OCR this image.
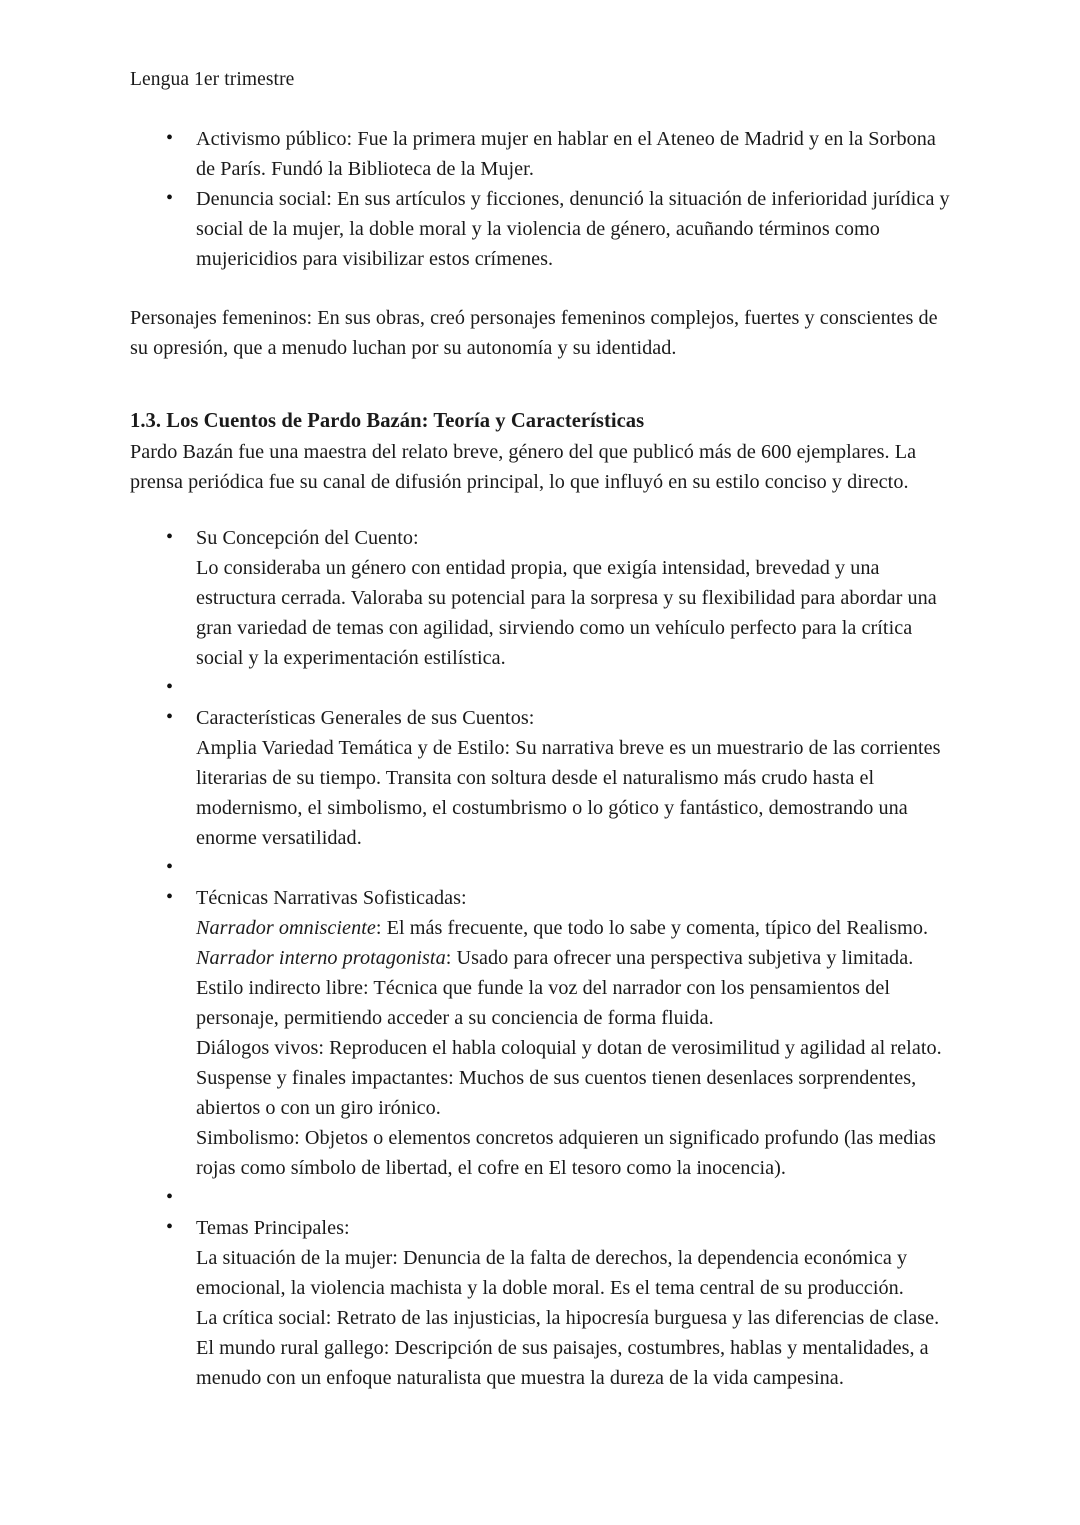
Lengua 1er trimestre
• Activismo público: Fue la primera mujer en hablar en el Ateneo de Madrid y en la Sorbona de París. Fundó la Biblioteca de la Mujer.
• Denuncia social: En sus artículos y ficciones, denunció la situación de inferioridad jurídica y social de la mujer, la doble moral y la violencia de género, acuñando términos como mujericidios para visibilizar estos crímenes.

Personajes femeninos: En sus obras, creó personajes femeninos complejos, fuertes y conscientes de su opresión, que a menudo luchan por su autonomía y su identidad.

1.3. Los Cuentos de Pardo Bazán: Teoría y Características

Pardo Bazán fue una maestra del relato breve, género del que publicó más de 600 ejemplares. La prensa periódica fue su canal de difusión principal, lo que influyó en su estilo conciso y directo.

• Su Concepción del Cuento:
Lo consideraba un género con entidad propia, que exigía intensidad, brevedad y una estructura cerrada. Valoraba su potencial para la sorpresa y su flexibilidad para abordar una gran variedad de temas con agilidad, sirviendo como un vehículo perfecto para la crítica social y la experimentación estilística.
•
• Características Generales de sus Cuentos:
Amplia Variedad Temática y de Estilo: Su narrativa breve es un muestrario de las corrientes literarias de su tiempo. Transita con soltura desde el naturalismo más crudo hasta el modernismo, el simbolismo, el costumbrismo o lo gótico y fantástico, demostrando una enorme versatilidad.
•
• Técnicas Narrativas Sofisticadas:
Narrador omnisciente: El más frecuente, que todo lo sabe y comenta, típico del Realismo.
Narrador interno protagonista: Usado para ofrecer una perspectiva subjetiva y limitada.
Estilo indirecto libre: Técnica que funde la voz del narrador con los pensamientos del personaje, permitiendo acceder a su conciencia de forma fluida.
Diálogos vivos: Reproducen el habla coloquial y dotan de verosimilitud y agilidad al relato.
Suspense y finales impactantes: Muchos de sus cuentos tienen desenlaces sorprendentes, abiertos o con un giro irónico.
Simbolismo: Objetos o elementos concretos adquieren un significado profundo (las medias rojas como símbolo de libertad, el cofre en El tesoro como la inocencia).
•
• Temas Principales:
La situación de la mujer: Denuncia de la falta de derechos, la dependencia económica y emocional, la violencia machista y la doble moral. Es el tema central de su producción.
La crítica social: Retrato de las injusticias, la hipocresía burguesa y las diferencias de clase.
El mundo rural gallego: Descripción de sus paisajes, costumbres, hablas y mentalidades, a menudo con un enfoque naturalista que muestra la dureza de la vida campesina.
